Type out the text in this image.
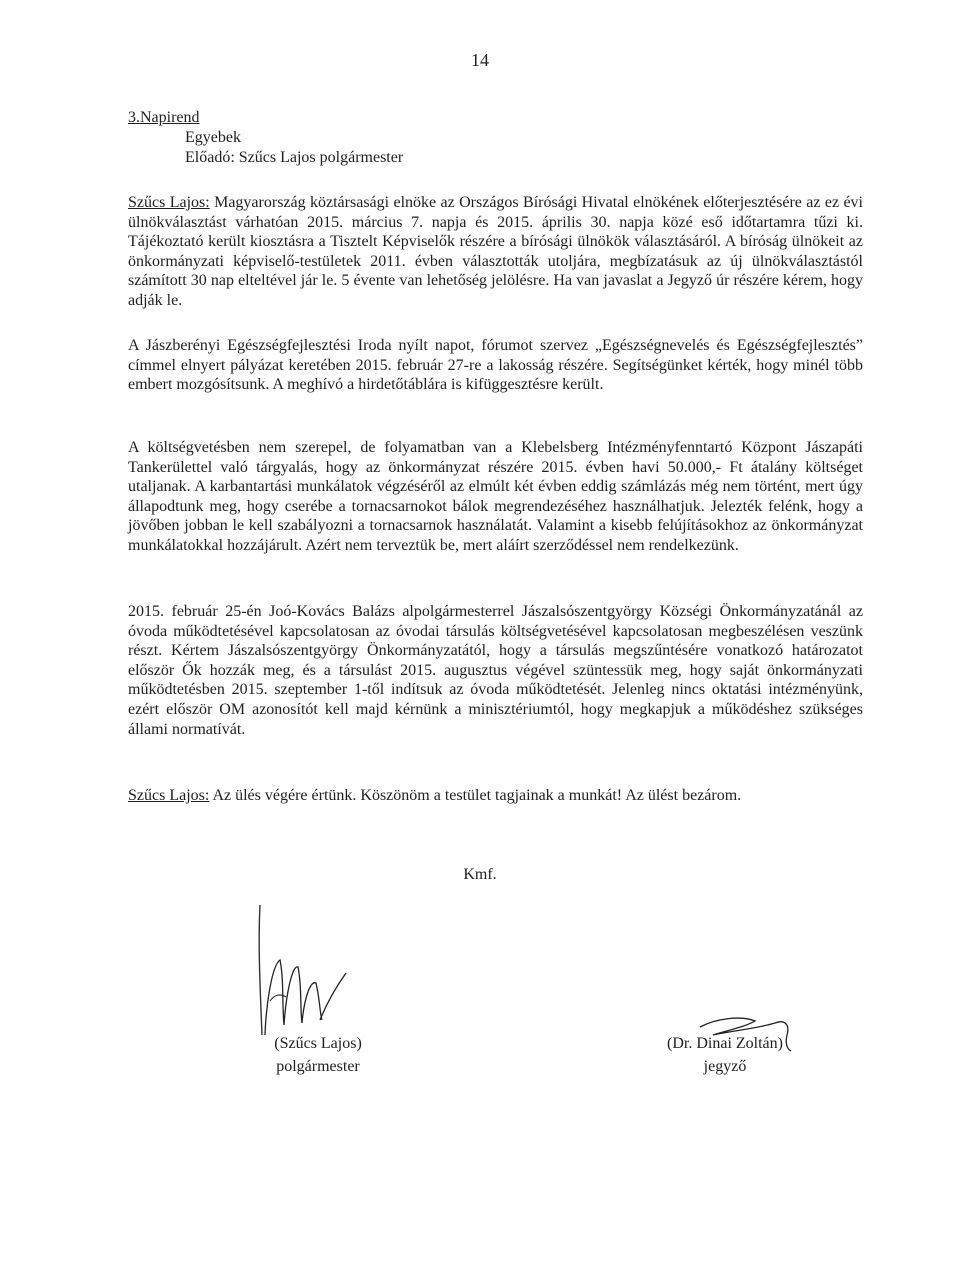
14
3.Napirend
Egyebek
Előadó: Szűcs Lajos polgármester
Szűcs Lajos: Magyarország köztársasági elnöke az Országos Bírósági Hivatal elnökének előterjesztésére az ez évi ülnökválasztást várhatóan 2015. március 7. napja és 2015. április 30. napja közé eső időtartamra tűzi ki. Tájékoztató került kiosztásra a Tisztelt Képviselők részére a bírósági ülnökök választásáról. A bíróság ülnökeit az önkormányzati képviselő-testületek 2011. évben választották utoljára, megbízatásuk az új ülnökválasztástól számított 30 nap elteltével jár le. 5 évente van lehetőség jelölésre. Ha van javaslat a Jegyző úr részére kérem, hogy adják le.
A Jászberényi Egészségfejlesztési Iroda nyílt napot, fórumot szervez „Egészségnevelés és Egészségfejlesztés” címmel elnyert pályázat keretében 2015. február 27-re a lakosság részére. Segítségünket kérték, hogy minél több embert mozgósítsunk. A meghívó a hirdetőtáblára is kifüggesztésre került.
A költségvetésben nem szerepel, de folyamatban van a Klebelsberg Intézményfenntartó Központ Jászapáti Tankerülettel való tárgyalás, hogy az önkormányzat részére 2015. évben havi 50.000,- Ft átalány költséget utaljanak. A karbantartási munkálatok végzéséről az elmúlt két évben eddig számlázás még nem történt, mert úgy állapodtunk meg, hogy cserébe a tornacsarnokot bálok megrendezéséhez használhatjuk. Jelezték felénk, hogy a jövőben jobban le kell szabályozni a tornacsarnok használatát. Valamint a kisebb felújításokhoz az önkormányzat munkálatokkal hozzájárult. Azért nem terveztük be, mert aláírt szerződéssel nem rendelkezünk.
2015. február 25-én Joó-Kovács Balázs alpolgármesterrel Jászalsószentgyörgy Községi Önkormányzatánál az óvoda működtetésével kapcsolatosan az óvodai társulás költségvetésével kapcsolatosan megbeszélésen veszünk részt. Kértem Jászalsószentgyörgy Önkormányzatától, hogy a társulás megszűntésére vonatkozó határozatot először Ők hozzák meg, és a társulást 2015. augusztus végével szüntessük meg, hogy saját önkormányzati működtetésben 2015. szeptember 1-től indítsuk az óvoda működtetését. Jelenleg nincs oktatási intézményünk, ezért először OM azonosítót kell majd kérnünk a minisztériumtól, hogy megkapjuk a működéshez szükséges állami normatívát.
Szűcs Lajos: Az ülés végére értünk. Köszönöm a testület tagjainak a munkát! Az ülést bezárom.
Kmf.
(Szűcs Lajos)
polgármester
(Dr. Dinai Zoltán)
jegyző
